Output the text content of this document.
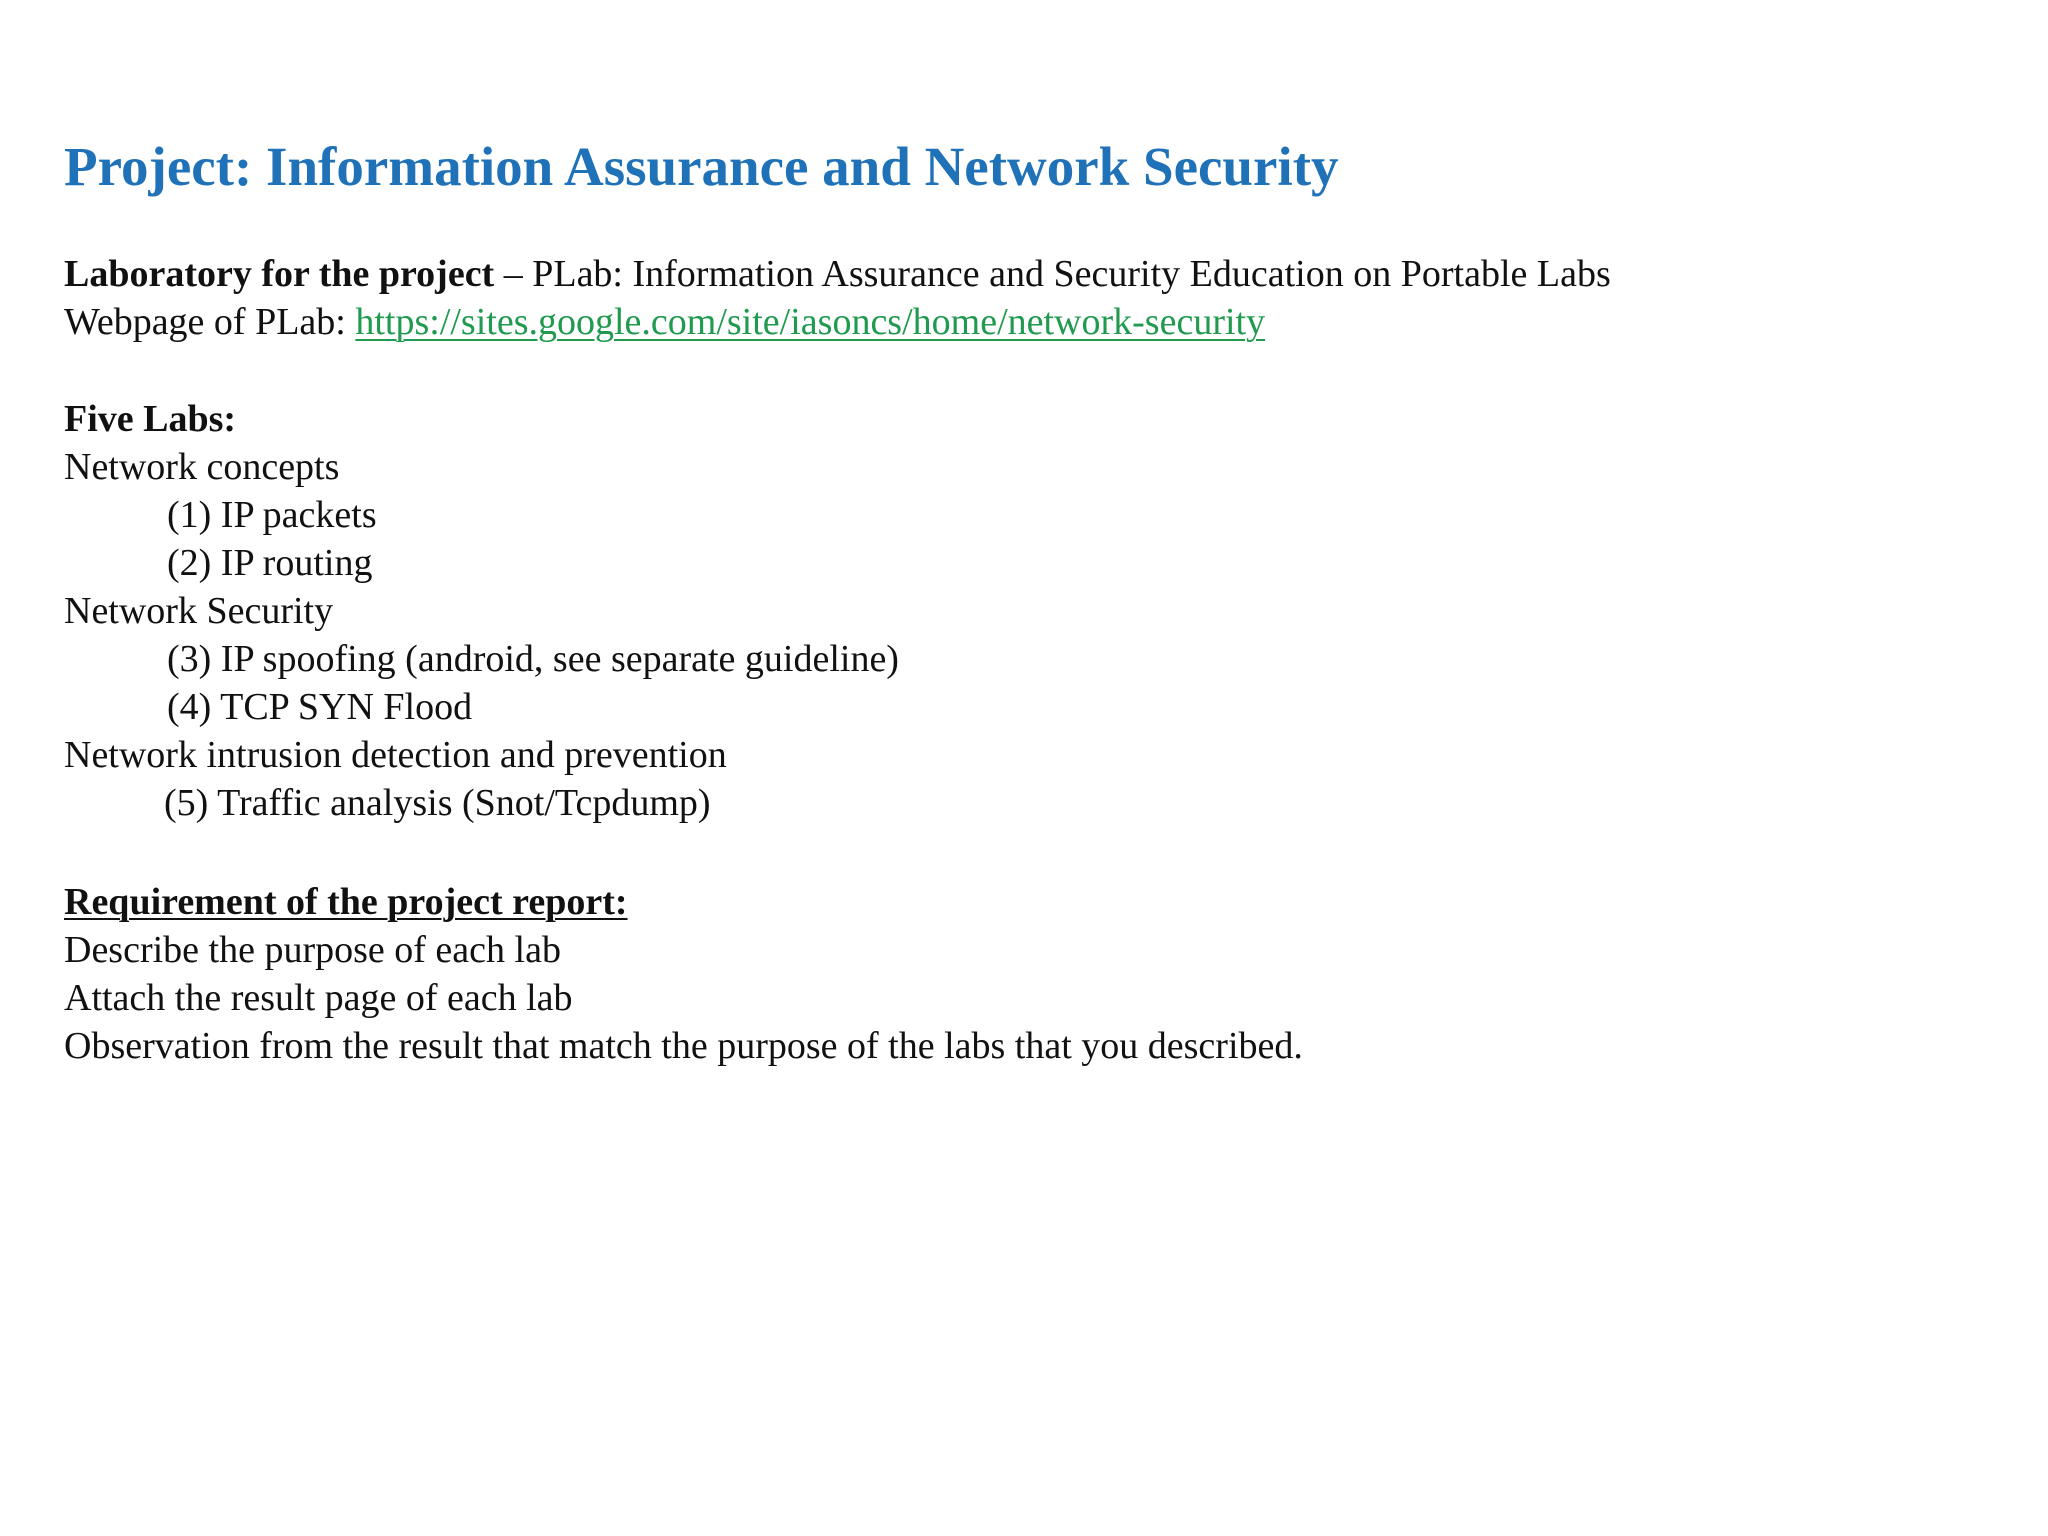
Project: Information Assurance and Network Security
Laboratory for the project – PLab: Information Assurance and Security Education on Portable Labs
Webpage of PLab: https://sites.google.com/site/iasoncs/home/network-security
Five Labs:
Network concepts
(1) IP packets
(2) IP routing
Network Security
(3) IP spoofing (android, see separate guideline)
(4) TCP SYN Flood
Network intrusion detection and prevention
(5) Traffic analysis (Snot/Tcpdump)
Requirement of the project report:
Describe the purpose of each lab
Attach the result page of each lab
Observation from the result that match the purpose of the labs that you described.
